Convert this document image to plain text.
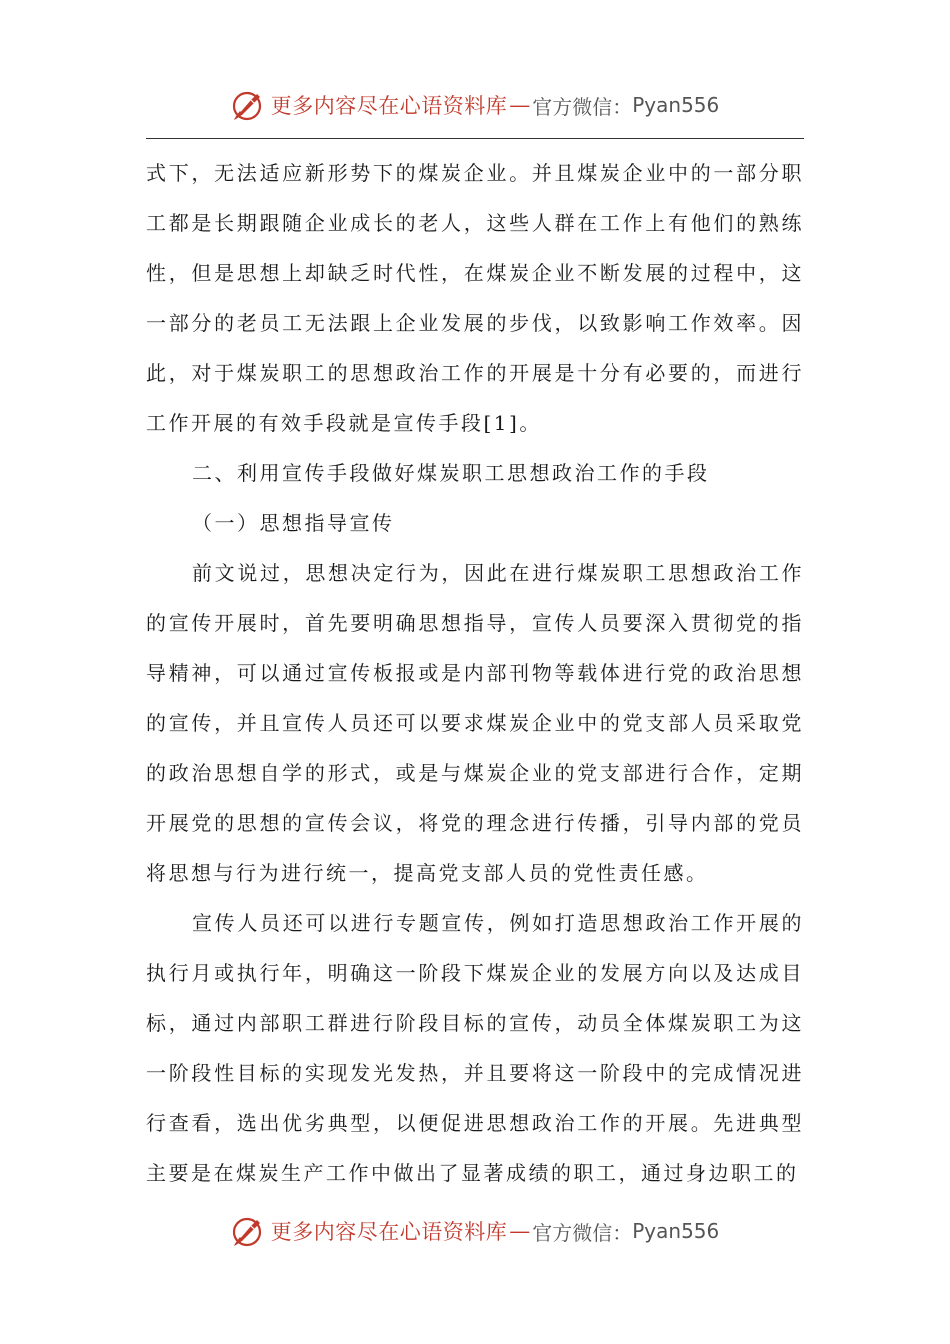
更多内容尽在心语资料库 — 官方微信： Pyan556

式下，无法适应新形势下的煤炭企业。并且煤炭企业中的一部分职工都是长期跟随企业成长的老人，这些人群在工作上有他们的熟练性，但是思想上却缺乏时代性，在煤炭企业不断发展的过程中，这一部分的老员工无法跟上企业发展的步伐，以致影响工作效率。因此，对于煤炭职工的思想政治工作的开展是十分有必要的，而进行工作开展的有效手段就是宣传手段[1]。

二、利用宣传手段做好煤炭职工思想政治工作的手段

（一）思想指导宣传

前文说过，思想决定行为，因此在进行煤炭职工思想政治工作的宣传开展时，首先要明确思想指导，宣传人员要深入贯彻党的指导精神，可以通过宣传板报或是内部刊物等载体进行党的政治思想的宣传，并且宣传人员还可以要求煤炭企业中的党支部人员采取党的政治思想自学的形式，或是与煤炭企业的党支部进行合作，定期开展党的思想的宣传会议，将党的理念进行传播，引导内部的党员将思想与行为进行统一，提高党支部人员的党性责任感。

宣传人员还可以进行专题宣传，例如打造思想政治工作开展的执行月或执行年，明确这一阶段下煤炭企业的发展方向以及达成目标，通过内部职工群进行阶段目标的宣传，动员全体煤炭职工为这一阶段性目标的实现发光发热，并且要将这一阶段中的完成情况进行查看，选出优劣典型，以便促进思想政治工作的开展。先进典型主要是在煤炭生产工作中做出了显著成绩的职工，通过身边职工的

更多内容尽在心语资料库 — 官方微信： Pyan556
